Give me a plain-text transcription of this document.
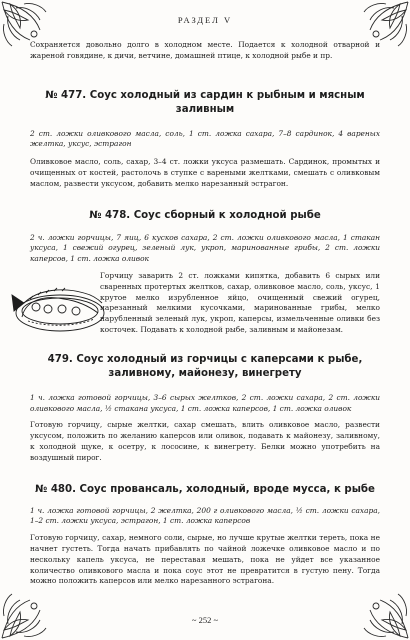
РАЗДЕЛ V

Сохраняется довольно долго в холодном месте. Подается к холодной отварной и жареной говядине, к дичи, ветчине, домашней птице, к холодной рыбе и пр.

№ 477. Соус холодный из сардин к рыбным и мясным заливным

2 ст. ложки оливкового масла, соль, 1 ст. ложка сахара, 7–8 сардинок, 4 вареных желтка, уксус, эстрагон

Оливковое масло, соль, сахар, 3–4 ст. ложки уксуса размешать. Сардинок, промытых и очищенных от костей, растолочь в ступке с вареными желтками, смешать с оливковым маслом, развести уксусом, добавить мелко нарезанный эстрагон.

№ 478. Соус сборный к холодной рыбе

2 ч. ложки горчицы, 7 яиц, 6 кусков сахара, 2 ст. ложки оливкового масла, 1 стакан уксуса, 1 свежий огурец, зеленый лук, укроп, маринованные грибы, 2 ст. ложки каперсов, 1 ст. ложка оливок

Горчицу заварить 2 ст. ложками кипятка, добавить 6 сырых или сваренных протертых желтков, сахар, оливковое масло, соль, уксус, 1 крутое мелко изрубленное яйцо, очищенный свежий огурец, нарезанный мелкими кусочками, маринованные грибы, мелко нарубленный зеленый лук, укроп, каперсы, измельченные оливки без косточек. Подавать к холодной рыбе, заливным и майонезам.

479. Соус холодный из горчицы с каперсами к рыбе, заливному, майонезу, винегрету

1 ч. ложка готовой горчицы, 3–6 сырых желтков, 2 ст. ложки сахара, 2 ст. ложки оливкового масла, ½ стакана уксуса, 1 ст. ложка каперсов, 1 ст. ложка оливок

Готовую горчицу, сырые желтки, сахар смешать, влить оливковое масло, развести уксусом, положить по желанию каперсов или оливок, подавать к майонезу, заливному, к холодной щуке, к осетру, к лососине, к винегрету. Белки можно употребить на воздушный пирог.

№ 480. Соус провансаль, холодный, вроде мусса, к рыбе

1 ч. ложка готовой горчицы, 2 желтка, 200 г оливкового масла, ½ ст. ложки сахара, 1–2 ст. ложки уксуса, эстрагон, 1 ст. ложка каперсов

Готовую горчицу, сахар, немного соли, сырые, но лучше крутые желтки тереть, пока не начнет густеть. Тогда начать прибавлять по чайной ложечке оливковое масло и по нескольку капель уксуса, не переставая мешать, пока не уйдет все указанное количество оливкового масла и пока соус этот не превратится в густую пену. Тогда можно положить каперсов или мелко нарезанного эстрагона.

~ 252 ~
